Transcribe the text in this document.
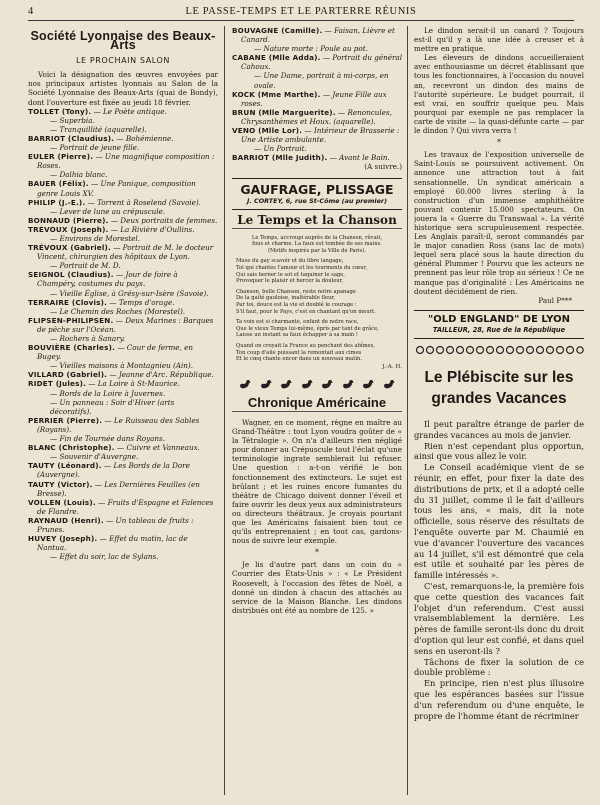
4	LE PASSE-TEMPS ET LE PARTERRE RÉUNIS
Société Lyonnaise des Beaux-Arts
LE PROCHAIN SALON

Voici la désignation des œuvres envoyées par nos principaux artistes lyonnais au Salon de la Société Lyonnaise des Beaux-Arts (quai de Bondy), dont l'ouverture est fixée au jeudi 18 février.

TOLLET (Tony). — Le Poète antique.

— Superbia.

— Tranquillité (aquarelle).

BARRIOT (Claudius). — Bohémienne.

— Portrait de jeune fille.

EULER (Pierre). — Une magnifique composition : Roses.

— Dalhia blanc.

BAUER (Félix). — Une Panique, composition genre Louis XV.

PHILIP (J.-E.). — Torrent à Roselend (Savoie).

— Lever de lune au crépuscule.

BONNAUD (Pierre). — Deux portraits de femmes.

TRÉVOUX (Joseph). — La Rivière d'Oullins.

— Environs de Morestel.

TRÉVOUX (Gabriel). — Portrait de M. le docteur Vincent, chirurgien des hôpitaux de Lyon.

— Portrait de M. D.

SEIGNOL (Claudius). — Jour de foire à Champéry, costumes du pays.

— Vieille Église, à Grésy-sur-Isère (Savoie).

TERRAIRE (Clovis). — Temps d'orage.

— Le Chemin des Roches (Morestel).

FLIPSEN-PHILIPSEN. — Deux Marines : Barques de pêche sur l'Océan.

— Rochers à Sanary.

BOUVIÈRE (Charles). — Cour de ferme, en Bugey.

— Vieilles maisons à Montagnieu (Ain).

VILLARD (Gabriel). — Jeanne d'Arc. République.

RIDET (Jules). — La Loire à St-Maurice.

— Bords de la Loire à Juvernes.

— Un panneau : Soir d'Hiver (arts décoratifs).

PERRIER (Pierre). — Le Ruisseau des Sables (Royans).

— Fin de Tournée dans Royans.

BLANC (Christophe). — Cuivre et Vanneaux.

— Souvenir d'Auvergne.

TAUTY (Léonard). — Les Bords de la Dore (Auvergne).

TAUTY (Victor). — Les Dernières Feuilles (en Bresse).

VOLLEN (Louis). — Fruits d'Espagne et Faïences de Flandre.

RAYNAUD (Henri). — Un tableau de fruits : Prunes.

HUVEY (Joseph). — Effet du matin, lac de Nantua.

— Effet du soir, lac de Sylans.

BOUVAGNE (Camille). — Faisan, Lièvre et Canard.

— Nature morte : Poule au pot.

CABANE (Mlle Adda). — Portrait du général Cahoux.

— Une Dame, portrait à mi-corps, en ovale.

KOCK (Mme Marthe). — Jeune Fille aux roses.

BRUN (Mlle Marguerite). — Renoncules, Chrysanthèmes et Houx. (aquarelle).

VENO (Mlle Lor). — Intérieur de Brasserie : Une Artiste ambulante.

— Un Portrait.

BARRIOT (Mlle Judith). — Avant le Bain.

(A suivre.)

GAUFRAGE, PLISSAGE
J. CORTEY, 6, rue St-Côme (au premier)
Le Temps et la Chanson

Le Temps, accroupi auprès de la Chanson, rêvait,

fous et charme. La faux est tombée de ses mains.

(Motifs inspirés par la Ville de Paris).

Muse du gay scavoir et du libre langage,

Toi qui chantes l'amour et les tourments du cœur,

Qui sais berner le sot et taquiner le sage,

Provoquer le plaisir et bercer la douleur,

Chanson, belle Chanson, reste notre apanage

De la gaîté gauloise, inaltérable fleur,

Par toi, douce est la vie et doublé le courage :

S'il faut, pour le Pays, c'est en chantant qu'on meurt.

Ta voix est si charmante, enfant de notre race,

Que le vieux Temps lui-même, épris par tant de grâce,

Laisse un instant sa faux échapper à sa main !

Quand on croyait la France au penchant des abîmes,

Ton coup d'aile puissant la remontait aux cimes

Et le cœq chante encor dans un nouveau matin.

J.-A. H.

Chronique Américaine

Wagner, en ce moment, règne en maître au Grand-Théâtre : tout Lyon voudra goûter de « la Tétralogie ». On n'a d'ailleurs rien négligé pour donner au Crépuscule tout l'éclat qu'une terminologie ingrate semblerait lui refuser. Une question : a-t-on vérifié le bon fonctionnement des extincteurs. Le sujet est brûlant ; et les ruines encore fumantes du théâtre de Chicago doivent donner l'éveil et faire ouvrir les deux yeux aux administrateurs ou directeurs théâtraux. Je croyais pourtant que les Américains faisaient bien tout ce qu'ils entreprenaient ; en tout cas, gardons-nous de suivre leur exemple.

*

Je lis d'autre part dans un coin du « Courrier des États-Unis » : « Le Président Roosevelt, à l'occasion des fêtes de Noël, a donné un dindon à chacun des attachés au service de la Maison Blanche. Les dindons distribués ont été au nombre de 125. »

Le dindon serait-il un canard ? Toujours est-il qu'il y a là une idée à creuser et à mettre en pratique.

Les éleveurs de dindons accueilleraient avec enthousiasme un décret établissant que tous les fonctionnaires, à l'occasion du nouvel an, recevront un dindon des mains de l'autorité supérieure. Le budget pourrait, il est vrai, en souffrir quelque peu. Mais pourquoi par exemple ne pas remplacer la carte de visite — la quasi-défunte carte — par le dindon ? Qui vivra verra !

*

Les travaux de l'exposition universelle de Saint-Louis se poursuivent activement. On annonce une attraction tout à fait sensationnelle. Un syndicat américain a employé 60.000 livres sterling à la construction d'un immense amphithéâtre pouvant contenir 15.000 spectateurs. On jouera la « Guerre du Transwaal ». La vérité historique sera scrupuleusement respectée. Les Anglais paraît-il, seront commandés par le major canadien Ross (sans lac de mots) lequel sera placé sous la haute direction du général Plummer ! Pourvu que les acteurs ne prennent pas leur rôle trop au sérieux ! Ce ne manque pas d'originalité : Les Américains ne doutent décidément de rien.

Paul P***

"OLD ENGLAND" DE LYON
TAILLEUR, 28, Rue de la République
Le Plébiscite sur les grandes Vacances

Il peut paraître étrange de parler de grandes vacances au mois de janvier.

Rien n'est cependant plus opportun, ainsi que vous allez le voir.

Le Conseil académique vient de se réunir, en effet, pour fixer la date des distributions de prix, et il a adopté celle du 31 juillet, comme il le fait d'ailleurs tous les ans, « mais, dit la note officielle, sous réserve des résultats de l'enquête ouverte par M. Chaumié en vue d'avancer l'ouverture des vacances au 14 juillet, s'il est démontré que cela est utile et souhaité par les pères de famille intéressés ».

C'est, remarquons-le, la première fois que cette question des vacances fait l'objet d'un referendum. C'est aussi vraisemblablement la dernière. Les pères de famille seront-ils donc du droit d'option qui leur est confié, et dans quel sens en useront-ils ?

Tâchons de fixer la solution de ce double problème :

En principe, rien n'est plus illusoire que les espérances basées sur l'issue d'un referendum ou d'une enquête, le propre de l'homme étant de récriminer
